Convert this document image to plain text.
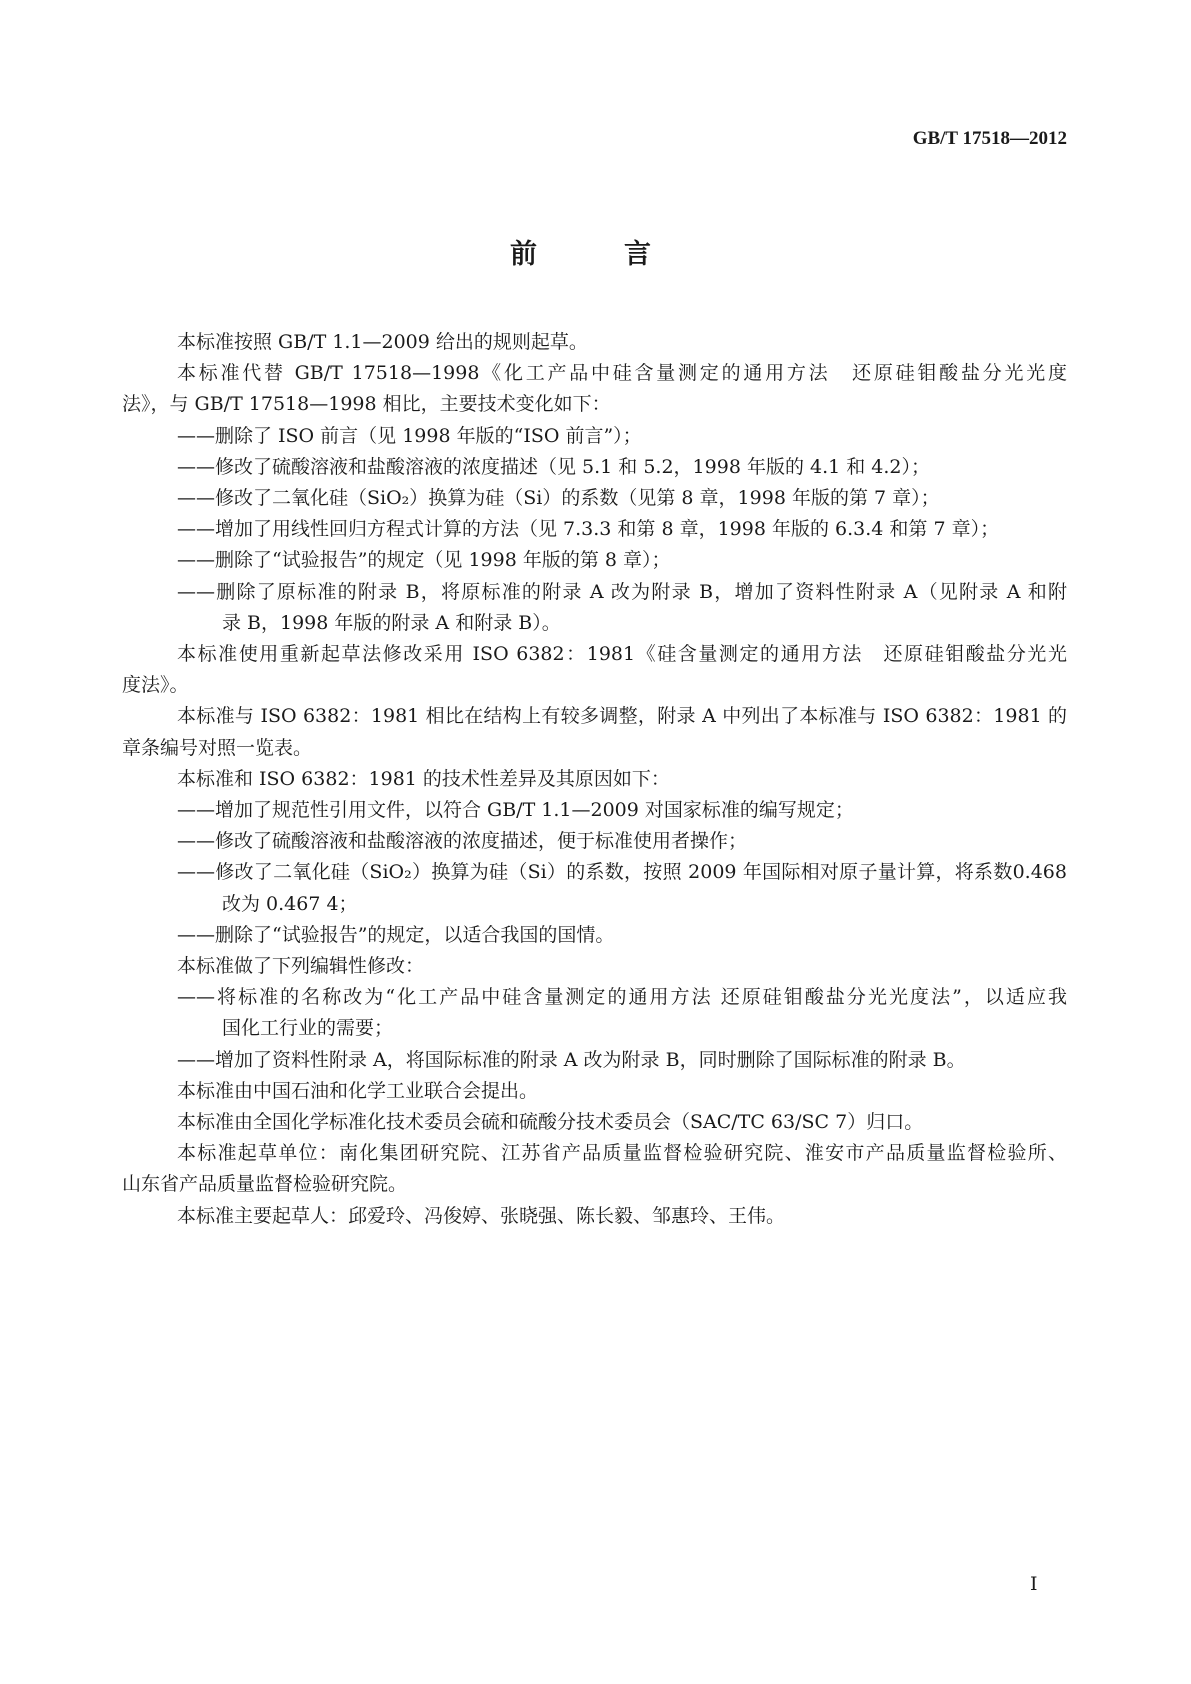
GB/T 17518—2012
前　言
本标准按照 GB/T 1.1—2009 给出的规则起草。
本标准代替 GB/T 17518—1998《化工产品中硅含量测定的通用方法　还原硅钼酸盐分光光度
法》，与 GB/T 17518—1998 相比，主要技术变化如下：
——删除了 ISO 前言（见 1998 年版的“ISO 前言”）；
——修改了硫酸溶液和盐酸溶液的浓度描述（见 5.1 和 5.2，1998 年版的 4.1 和 4.2）；
——修改了二氧化硅（SiO₂）换算为硅（Si）的系数（见第 8 章，1998 年版的第 7 章）；
——增加了用线性回归方程式计算的方法（见 7.3.3 和第 8 章，1998 年版的 6.3.4 和第 7 章）；
——删除了“试验报告”的规定（见 1998 年版的第 8 章）；
——删除了原标准的附录 B，将原标准的附录 A 改为附录 B，增加了资料性附录 A（见附录 A 和附
录 B，1998 年版的附录 A 和附录 B）。
本标准使用重新起草法修改采用 ISO 6382：1981《硅含量测定的通用方法　还原硅钼酸盐分光光
度法》。
本标准与 ISO 6382：1981 相比在结构上有较多调整，附录 A 中列出了本标准与 ISO 6382：1981 的
章条编号对照一览表。
本标准和 ISO 6382：1981 的技术性差异及其原因如下：
——增加了规范性引用文件，以符合 GB/T 1.1—2009 对国家标准的编写规定；
——修改了硫酸溶液和盐酸溶液的浓度描述，便于标准使用者操作；
——修改了二氧化硅（SiO₂）换算为硅（Si）的系数，按照 2009 年国际相对原子量计算，将系数0.468
改为 0.467 4；
——删除了“试验报告”的规定，以适合我国的国情。
本标准做了下列编辑性修改：
——将标准的名称改为“化工产品中硅含量测定的通用方法 还原硅钼酸盐分光光度法”，以适应我
国化工行业的需要；
——增加了资料性附录 A，将国际标准的附录 A 改为附录 B，同时删除了国际标准的附录 B。
本标准由中国石油和化学工业联合会提出。
本标准由全国化学标准化技术委员会硫和硫酸分技术委员会（SAC/TC 63/SC 7）归口。
本标准起草单位：南化集团研究院、江苏省产品质量监督检验研究院、淮安市产品质量监督检验所、
山东省产品质量监督检验研究院。
本标准主要起草人：邱爱玲、冯俊婷、张晓强、陈长毅、邹惠玲、王伟。
I
